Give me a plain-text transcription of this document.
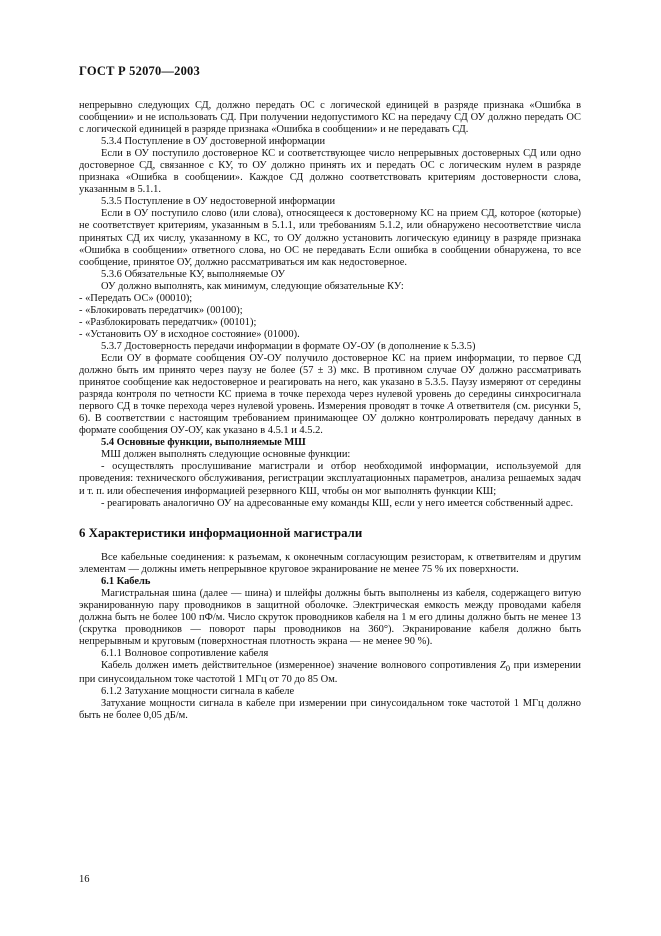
ГОСТ Р 52070—2003

непрерывно следующих СД, должно передать ОС с логической единицей в разряде признака «Ошибка в сообщении» и не использовать СД. При получении недопустимого КС на передачу СД ОУ должно передать ОС с логической единицей в разряде признака «Ошибка в сообщении» и не передавать СД.

5.3.4 Поступление в ОУ достоверной информации

Если в ОУ поступило достоверное КС и соответствующее число непрерывных достоверных СД или одно достоверное СД, связанное с КУ, то ОУ должно принять их и передать ОС с логическим нулем в разряде признака «Ошибка в сообщении». Каждое СД должно соответствовать критериям достоверности слова, указанным в 5.1.1.

5.3.5 Поступление в ОУ недостоверной информации

Если в ОУ поступило слово (или слова), относящееся к достоверному КС на прием СД, которое (которые) не соответствует критериям, указанным в 5.1.1, или требованиям 5.1.2, или обнаружено несоответствие числа принятых СД их числу, указанному в КС, то ОУ должно установить логическую единицу в разряде признака «Ошибка в сообщении» ответного слова, но ОС не передавать Если ошибка в сообщении обнаружена, то все сообщение, принятое ОУ, должно рассматриваться им как недостоверное.

5.3.6 Обязательные КУ, выполняемые ОУ

ОУ должно выполнять, как минимум, следующие обязательные КУ:

- «Передать ОС» (00010);

- «Блокировать передатчик» (00100);

- «Разблокировать передатчик» (00101);

- «Установить ОУ в исходное состояние» (01000).

5.3.7 Достоверность передачи информации в формате ОУ-ОУ (в дополнение к 5.3.5)

Если ОУ в формате сообщения ОУ-ОУ получило достоверное КС на прием информации, то первое СД должно быть им принято через паузу не более (57 ± 3) мкс. В противном случае ОУ должно рассматривать принятое сообщение как недостоверное и реагировать на него, как указано в 5.3.5. Паузу измеряют от середины разряда контроля по четности КС приема в точке перехода через нулевой уровень до середины синхросигнала первого СД в точке перехода через нулевой уровень. Измерения проводят в точке А ответвителя (см. рисунки 5, 6). В соответствии с настоящим требованием принимающее ОУ должно контролировать передачу данных в формате сообщения ОУ-ОУ, как указано в 4.5.1 и 4.5.2.

5.4 Основные функции, выполняемые МШ

МШ должен выполнять следующие основные функции:

- осуществлять прослушивание магистрали и отбор необходимой информации, используемой для проведения: технического обслуживания, регистрации эксплуатационных параметров, анализа решаемых задач и т. п. или обеспечения информацией резервного КШ, чтобы он мог выполнять функции КШ;

- реагировать аналогично ОУ на адресованные ему команды КШ, если у него имеется собственный адрес.

6 Характеристики информационной магистрали

Все кабельные соединения: к разъемам, к оконечным согласующим резисторам, к ответвителям и другим элементам — должны иметь непрерывное круговое экранирование не менее 75 % их поверхности.

6.1 Кабель

Магистральная шина (далее — шина) и шлейфы должны быть выполнены из кабеля, содержащего витую экранированную пару проводников в защитной оболочке. Электрическая емкость между проводами кабеля должна быть не более 100 пФ/м. Число скруток проводников кабеля на 1 м его длины должно быть не менее 13 (скрутка проводников — поворот пары проводников на 360°). Экранирование кабеля должно быть непрерывным и круговым (поверхностная плотность экрана — не менее 90 %).

6.1.1 Волновое сопротивление кабеля

Кабель должен иметь действительное (измеренное) значение волнового сопротивления $Z_0$ при измерении при синусоидальном токе частотой 1 МГц от 70 до 85 Ом.

6.1.2 Затухание мощности сигнала в кабеле

Затухание мощности сигнала в кабеле при измерении при синусоидальном токе частотой 1 МГц должно быть не более 0,05 дБ/м.

16
